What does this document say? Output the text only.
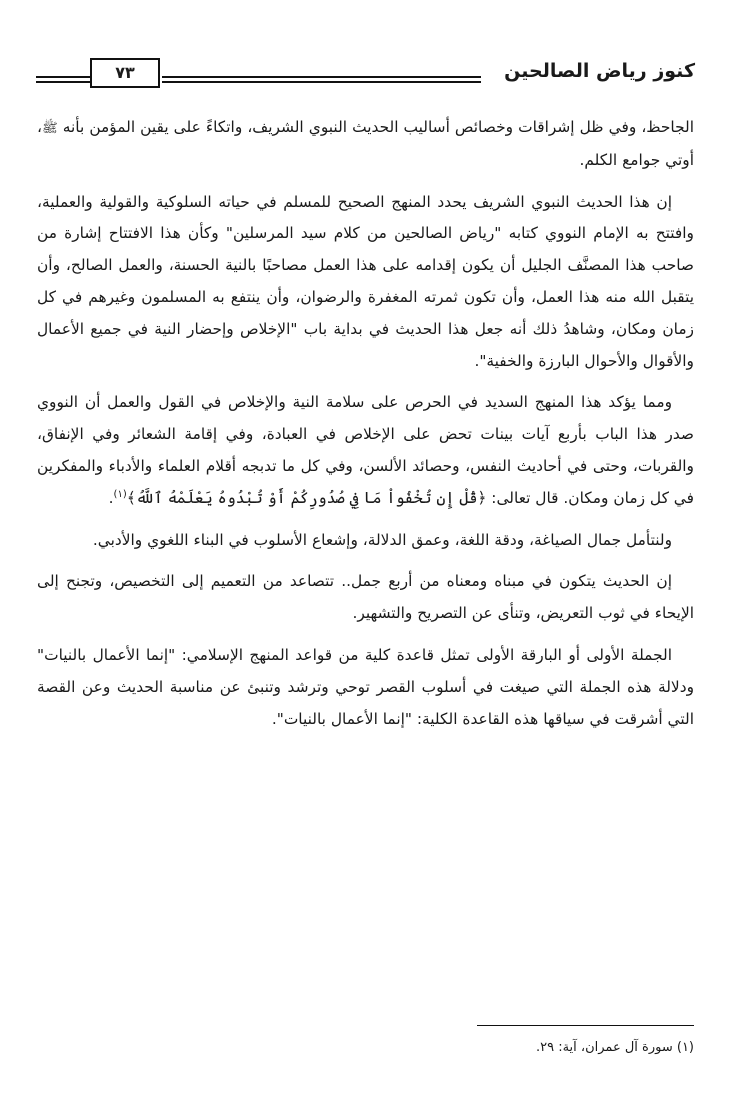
٧٣	كنوز رياض الصالحين

الجاحظ، وفي ظل إشراقات وخصائص أساليب الحديث النبوي الشريف، واتكاءً على يقين المؤمن بأنه ﷺ، أوتي جوامع الكلم.

إن هذا الحديث النبوي الشريف يحدد المنهج الصحيح للمسلم في حياته السلوكية والقولية والعملية، وافتتح به الإمام النووي كتابه "رياض الصالحين من كلام سيد المرسلين" وكأن هذا الافتتاح إشارة من صاحب هذا المصنَّف الجليل أن يكون إقدامه على هذا العمل مصاحبًا بالنية الحسنة، والعمل الصالح، وأن يتقبل الله منه هذا العمل، وأن تكون ثمرته المغفرة والرضوان، وأن ينتفع به المسلمون وغيرهم في كل زمان ومكان، وشاهدُ ذلك أنه جعل هذا الحديث في بداية باب "الإخلاص وإحضار النية في جميع الأعمال والأقوال والأحوال البارزة والخفية".

ومما يؤكد هذا المنهج السديد في الحرص على سلامة النية والإخلاص في القول والعمل أن النووي صدر هذا الباب بأربع آيات بينات تحض على الإخلاص في العبادة، وفي إقامة الشعائر وفي الإنفاق، والقربات، وحتى في أحاديث النفس، وحصائد الألسن، وفي كل ما تدبجه أقلام العلماء والأدباء والمفكرين في كل زمان ومكان. قال تعالى: ﴿قُلْ إِن تُخْفُواْ مَا فِي صُدُورِكُمْ أَوْ تُبْدُوهُ يَعْلَمْهُ ٱللَّهُ﴾$^{(١)}$.

ولنتأمل جمال الصياغة، ودقة اللغة، وعمق الدلالة، وإشعاع الأسلوب في البناء اللغوي والأدبي.

إن الحديث يتكون في مبناه ومعناه من أربع جمل.. تتصاعد من التعميم إلى التخصيص، وتجنح إلى الإيحاء في ثوب التعريض، وتنأى عن التصريح والتشهير.

الجملة الأولى أو البارقة الأولى تمثل قاعدة كلية من قواعد المنهج الإسلامي: "إنما الأعمال بالنيات" ودلالة هذه الجملة التي صيغت في أسلوب القصر توحي وترشد وتنبئ عن مناسبة الحديث وعن القصة التي أشرقت في سياقها هذه القاعدة الكلية: "إنما الأعمال بالنيات".

(١) سورة آل عمران، آية: ٢٩.
